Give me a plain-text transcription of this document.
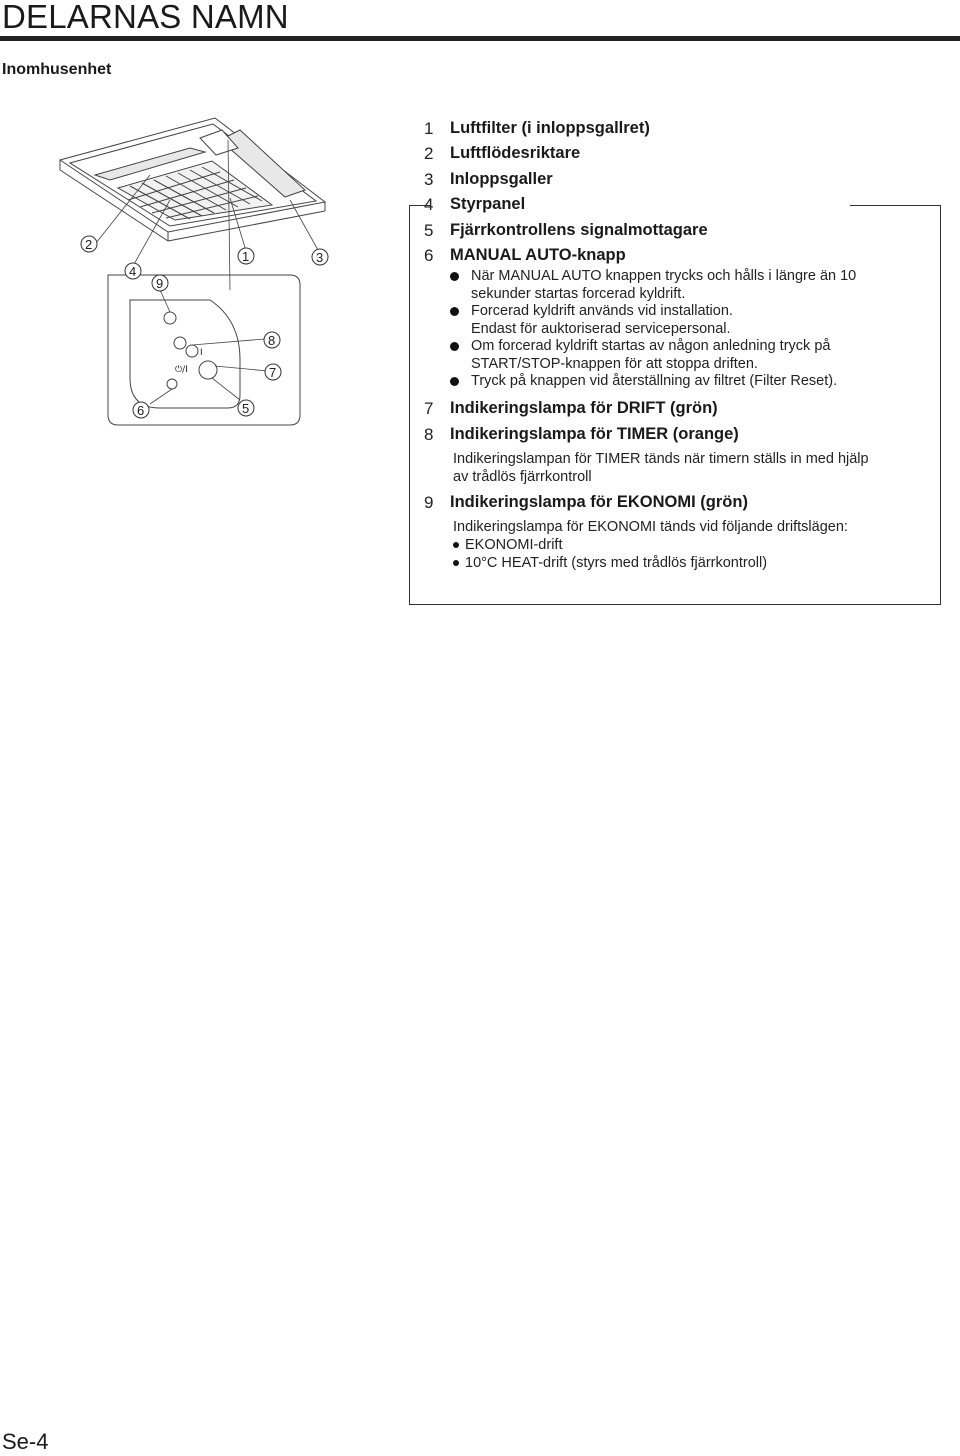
DELARNAS NAMN
Inomhusenhet
⏻/I
I
2
4
9
1	3
8
7
6	5
1	Luftfilter (i inloppsgallret)
2	Luftflödesriktare
3	Inloppsgaller
4	Styrpanel
5	Fjärrkontrollens signalmottagare
6	MANUAL AUTO-knapp
När MANUAL AUTO knappen trycks och hålls i längre än 10
sekunder startas forcerad kyldrift.
Forcerad kyldrift används vid installation.
Endast för auktoriserad servicepersonal.
Om forcerad kyldrift startas av någon anledning tryck på
START/STOP-knappen för att stoppa driften.
Tryck på knappen vid återställning av filtret (Filter Reset).
7	Indikeringslampa för DRIFT (grön)
8	Indikeringslampa för TIMER (orange)
Indikeringslampan för TIMER tänds när timern ställs in med hjälp
av trådlös fjärrkontroll
9	Indikeringslampa för EKONOMI (grön)
Indikeringslampa för EKONOMI tänds vid följande driftslägen:
EKONOMI-drift
10°C HEAT-drift (styrs med trådlös fjärrkontroll)
Se-4
